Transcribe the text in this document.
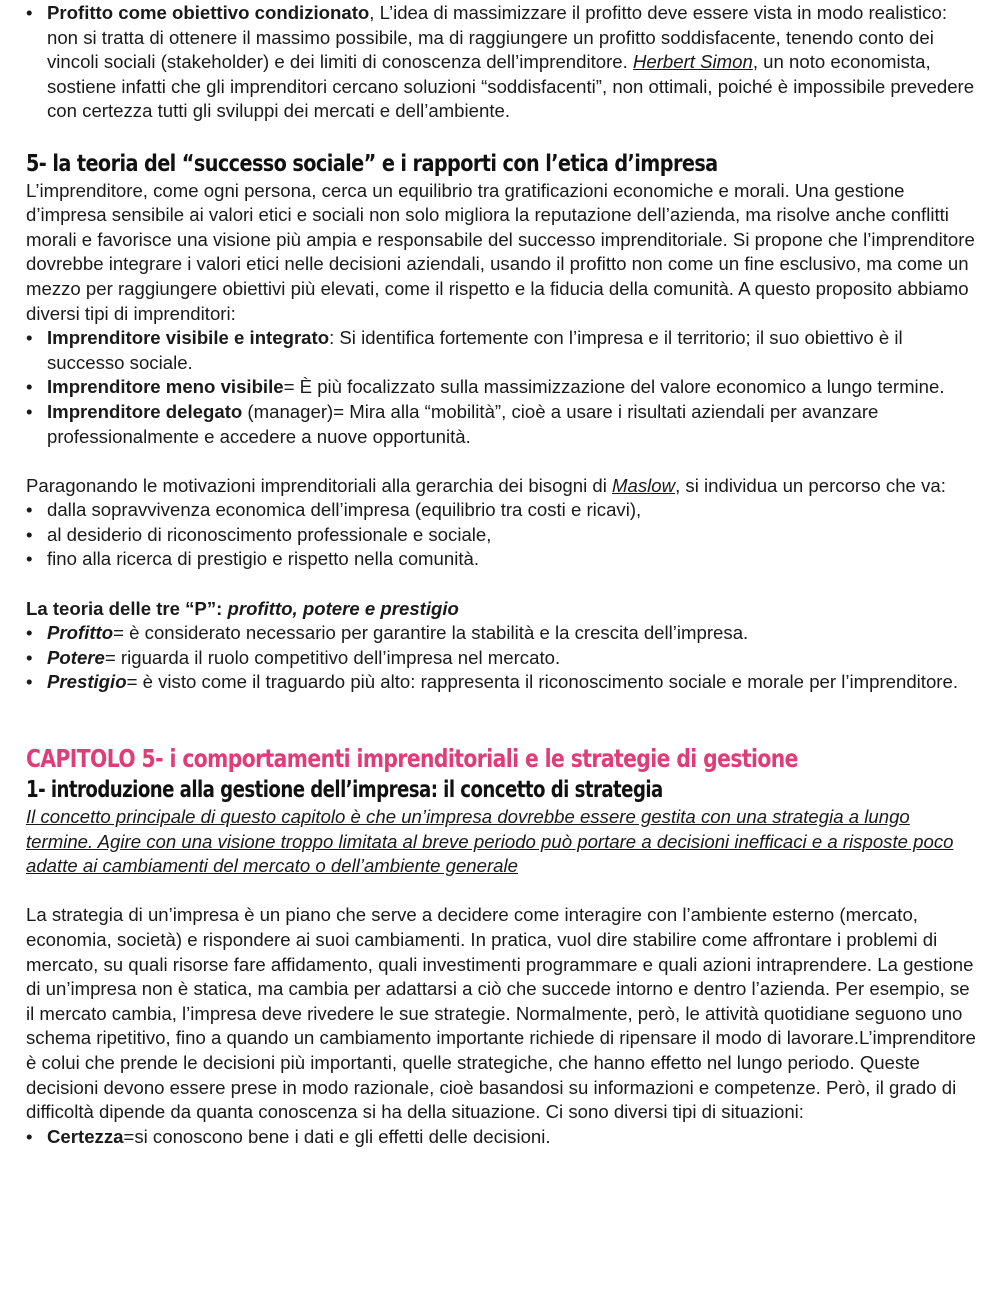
• Profitto come obiettivo condizionato, L’idea di massimizzare il profitto deve essere vista in modo realistico: non si tratta di ottenere il massimo possibile, ma di raggiungere un profitto soddisfacente, tenendo conto dei vincoli sociali (stakeholder) e dei limiti di conoscenza dell’imprenditore. Herbert Simon, un noto economista, sostiene infatti che gli imprenditori cercano soluzioni “soddisfacenti”, non ottimali, poiché è impossibile prevedere con certezza tutti gli sviluppi dei mercati e dell’ambiente.
5- la teoria del “successo sociale” e i rapporti con l’etica d’impresa

L’imprenditore, come ogni persona, cerca un equilibrio tra gratificazioni economiche e morali. Una gestione d’impresa sensibile ai valori etici e sociali non solo migliora la reputazione dell’azienda, ma risolve anche conflitti morali e favorisce una visione più ampia e responsabile del successo imprenditoriale. Si propone che l’imprenditore dovrebbe integrare i valori etici nelle decisioni aziendali, usando il profitto non come un fine esclusivo, ma come un mezzo per raggiungere obiettivi più elevati, come il rispetto e la fiducia della comunità. A questo proposito abbiamo diversi tipi di imprenditori:

• Imprenditore visibile e integrato: Si identifica fortemente con l’impresa e il territorio; il suo obiettivo è il successo sociale.
• Imprenditore meno visibile= È più focalizzato sulla massimizzazione del valore economico a lungo termine.
• Imprenditore delegato (manager)= Mira alla “mobilità”, cioè a usare i risultati aziendali per avanzare professionalmente e accedere a nuove opportunità.

Paragonando le motivazioni imprenditoriali alla gerarchia dei bisogni di Maslow, si individua un percorso che va:

• dalla sopravvivenza economica dell’impresa (equilibrio tra costi e ricavi),
• al desiderio di riconoscimento professionale e sociale,
• fino alla ricerca di prestigio e rispetto nella comunità.

La teoria delle tre “P”: profitto, potere e prestigio

• Profitto= è considerato necessario per garantire la stabilità e la crescita dell’impresa.
• Potere= riguarda il ruolo competitivo dell’impresa nel mercato.
• Prestigio= è visto come il traguardo più alto: rappresenta il riconoscimento sociale e morale per l’imprenditore.
CAPITOLO 5- i comportamenti imprenditoriali e le strategie di gestione
1- introduzione alla gestione dell’impresa: il concetto di strategia

Il concetto principale di questo capitolo è che un’impresa dovrebbe essere gestita con una strategia a lungo termine. Agire con una visione troppo limitata al breve periodo può portare a decisioni inefficaci e a risposte poco adatte ai cambiamenti del mercato o dell’ambiente generale

La strategia di un’impresa è un piano che serve a decidere come interagire con l’ambiente esterno (mercato, economia, società) e rispondere ai suoi cambiamenti. In pratica, vuol dire stabilire come affrontare i problemi di mercato, su quali risorse fare affidamento, quali investimenti programmare e quali azioni intraprendere. La gestione di un’impresa non è statica, ma cambia per adattarsi a ciò che succede intorno e dentro l’azienda. Per esempio, se il mercato cambia, l’impresa deve rivedere le sue strategie. Normalmente, però, le attività quotidiane seguono uno schema ripetitivo, fino a quando un cambiamento importante richiede di ripensare il modo di lavorare.L’imprenditore è colui che prende le decisioni più importanti, quelle strategiche, che hanno effetto nel lungo periodo. Queste decisioni devono essere prese in modo razionale, cioè basandosi su informazioni e competenze. Però, il grado di difficoltà dipende da quanta conoscenza si ha della situazione. Ci sono diversi tipi di situazioni:

• Certezza=si conoscono bene i dati e gli effetti delle decisioni.
